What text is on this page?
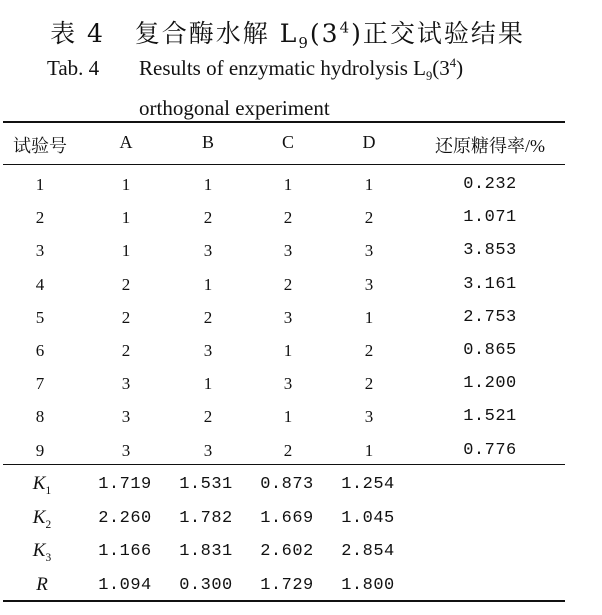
表 4 复合酶水解 $L_9(3^4)$正交试验结果
Tab. 4 Results of enzymatic hydrolysis $L_9(3^4)$
orthogonal experiment
试验号	A	B	C	D	还原糖得率/%
1	1	1	1	1	0.232
2	1	2	2	2	1.071
3	1	3	3	3	3.853
4	2	1	2	3	3.161
5	2	2	3	1	2.753
6	2	3	1	2	0.865
7	3	1	3	2	1.200
8	3	2	1	3	1.521
9	3	3	2	1	0.776
$K_1$	1.719	1.531	0.873	1.254
$K_2$	2.260	1.782	1.669	1.045
$K_3$	1.166	1.831	2.602	2.854
R	1.094	0.300	1.729	1.800
